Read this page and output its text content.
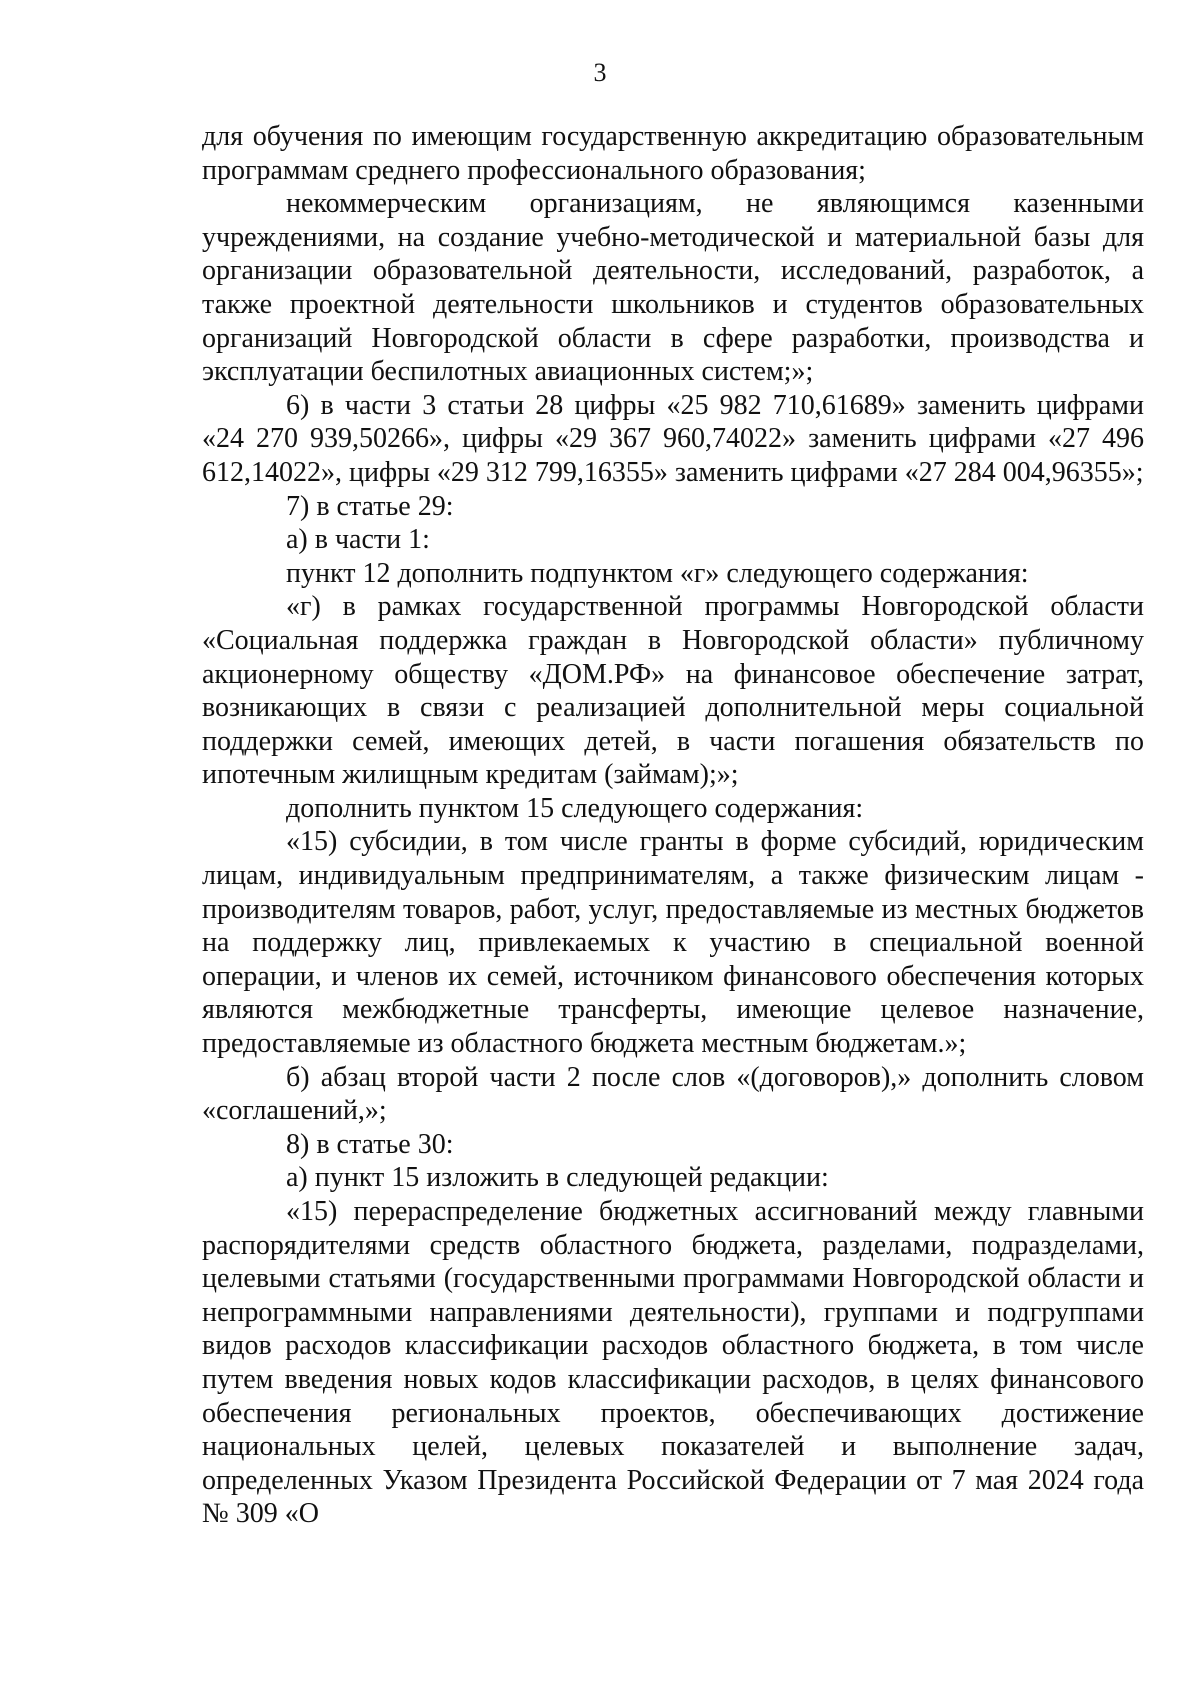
3

для обучения по имеющим государственную аккредитацию образовательным программам среднего профессионального образования;

некоммерческим организациям, не являющимся казенными учреждениями, на создание учебно-методической и материальной базы для организации образовательной деятельности, исследований, разработок, а также проектной деятельности школьников и студентов образовательных организаций Новгородской области в сфере разработки, производства и эксплуатации беспилотных авиационных систем;»;

6) в части 3 статьи 28 цифры «25 982 710,61689» заменить цифрами «24 270 939,50266», цифры «29 367 960,74022» заменить цифрами «27 496 612,14022», цифры «29 312 799,16355» заменить цифрами «27 284 004,96355»;

7) в статье 29:

а) в части 1:

пункт 12 дополнить подпунктом «г» следующего содержания:

«г) в рамках государственной программы Новгородской области «Социальная поддержка граждан в Новгородской области» публичному акционерному обществу «ДОМ.РФ» на финансовое обеспечение затрат, возникающих в связи с реализацией дополнительной меры социальной поддержки семей, имеющих детей, в части погашения обязательств по ипотечным жилищным кредитам (займам);»;

дополнить пунктом 15 следующего содержания:

«15) субсидии, в том числе гранты в форме субсидий, юридическим лицам, индивидуальным предпринимателям, а также физическим лицам - производителям товаров, работ, услуг, предоставляемые из местных бюджетов на поддержку лиц, привлекаемых к участию в специальной военной операции, и членов их семей, источником финансового обеспечения которых являются межбюджетные трансферты, имеющие целевое назначение, предоставляемые из областного бюджета местным бюджетам.»;

б) абзац второй части 2 после слов «(договоров),» дополнить словом «соглашений,»;

8) в статье 30:

а) пункт 15 изложить в следующей редакции:

«15) перераспределение бюджетных ассигнований между главными распорядителями средств областного бюджета, разделами, подразделами, целевыми статьями (государственными программами Новгородской области и непрограммными направлениями деятельности), группами и подгруппами видов расходов классификации расходов областного бюджета, в том числе путем введения новых кодов классификации расходов, в целях финансового обеспечения региональных проектов, обеспечивающих достижение национальных целей, целевых показателей и выполнение задач, определенных Указом Президента Российской Федерации от 7 мая 2024 года № 309 «О
